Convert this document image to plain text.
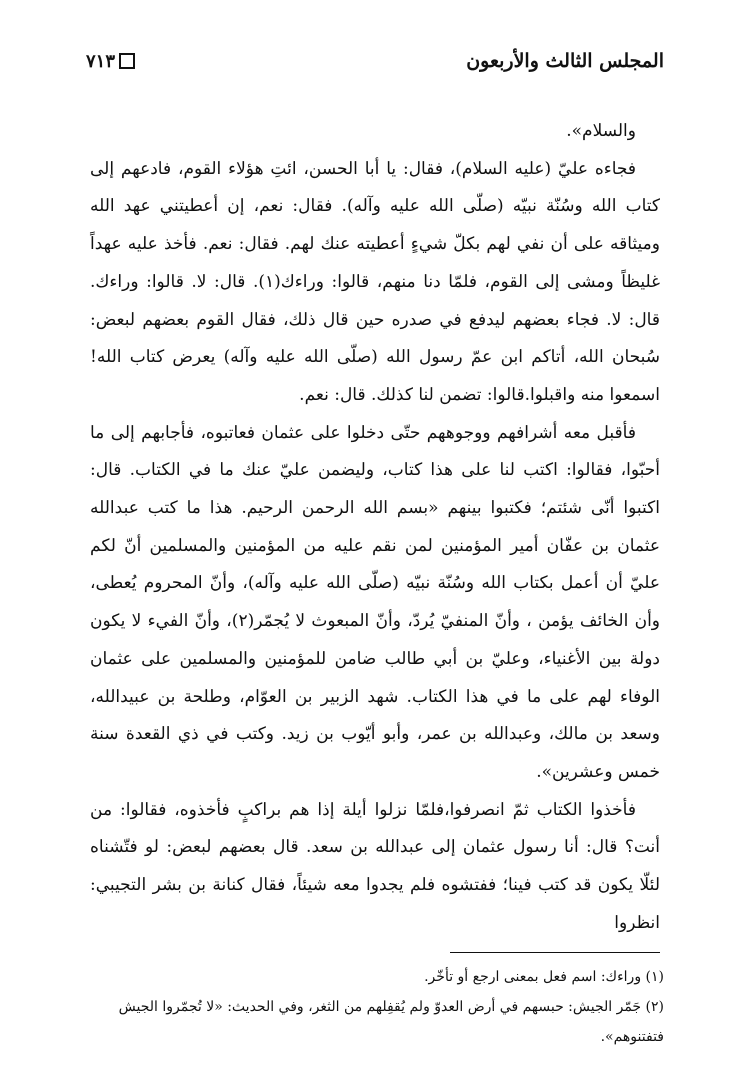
المجلس الثالث والأربعون
٧١٣

والسلام».

فجاءه عليّ (عليه السلام)، فقال: يا أبا الحسن، ائتِ هؤلاء القوم، فادعهم إلى كتاب الله وسُنّة نبيّه (صلّى الله عليه وآله). فقال: نعم، إن أعطيتني عهد الله وميثاقه على أن نفي لهم بكلّ شيءٍ أعطيته عنك لهم. فقال: نعم. فأخذ عليه عهداً غليظاً ومشى إلى القوم، فلمّا دنا منهم، قالوا: وراءك(١). قال: لا. قالوا: وراءك. قال: لا. فجاء بعضهم ليدفع في صدره حين قال ذلك، فقال القوم بعضهم لبعض: سُبحان الله، أتاكم ابن عمّ رسول الله (صلّى الله عليه وآله) يعرض كتاب الله! اسمعوا منه واقبلوا.قالوا: تضمن لنا كذلك. قال: نعم.

فأقبل معه أشرافهم ووجوههم حتّى دخلوا على عثمان فعاتبوه، فأجابهم إلى ما أحبّوا، فقالوا: اكتب لنا على هذا كتاب، وليضمن عليّ عنك ما في الكتاب. قال: اكتبوا أنّى شئتم؛ فكتبوا بينهم «بسم الله الرحمن الرحيم. هذا ما كتب عبدالله عثمان بن عفّان أمير المؤمنين لمن نقم عليه من المؤمنين والمسلمين أنّ لكم عليّ أن أعمل بكتاب الله وسُنّة نبيّه (صلّى الله عليه وآله)، وأنّ المحروم يُعطى، وأن الخائف يؤمن ، وأنّ المنفيّ يُردّ، وأنّ المبعوث لا يُجمّر(٢)، وأنّ الفيء لا يكون دولة بين الأغنياء، وعليّ بن أبي طالب ضامن للمؤمنين والمسلمين على عثمان الوفاء لهم على ما في هذا الكتاب. شهد الزبير بن العوّام، وطلحة بن عبيدالله، وسعد بن مالك، وعبدالله بن عمر، وأبو أيّوب بن زيد. وكتب في ذي القعدة سنة خمس وعشرين».

فأخذوا الكتاب ثمّ انصرفوا،فلمّا نزلوا أيلة إذا هم براكبٍ فأخذوه، فقالوا: من أنت؟ قال: أنا رسول عثمان إلى عبدالله بن سعد. قال بعضهم لبعض: لو فتّشناه لئلّا يكون قد كتب فينا؛ ففتشوه فلم يجدوا معه شيئاً، فقال كنانة بن بشر التجيبي: انظروا

(١) وراءك: اسم فعل بمعنى ارجع أو تأخّر.

(٢) جَمّر الجيش: حبسهم في أرض العدوّ ولم يُقفِلهم من الثغر، وفي الحديث: «لا تُجمّروا الجيش فتفتنوهم».
